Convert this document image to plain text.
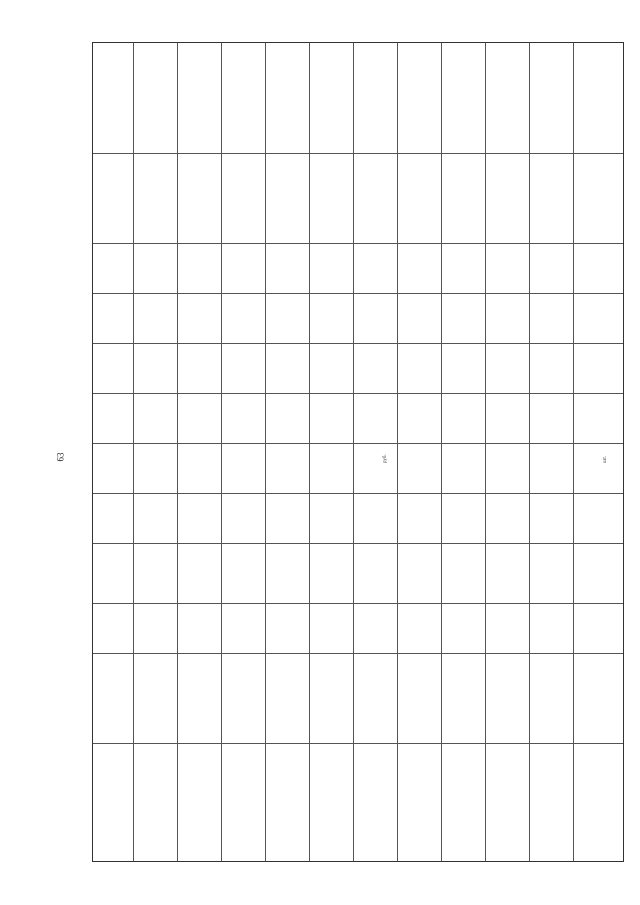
63	руб.	шт.
